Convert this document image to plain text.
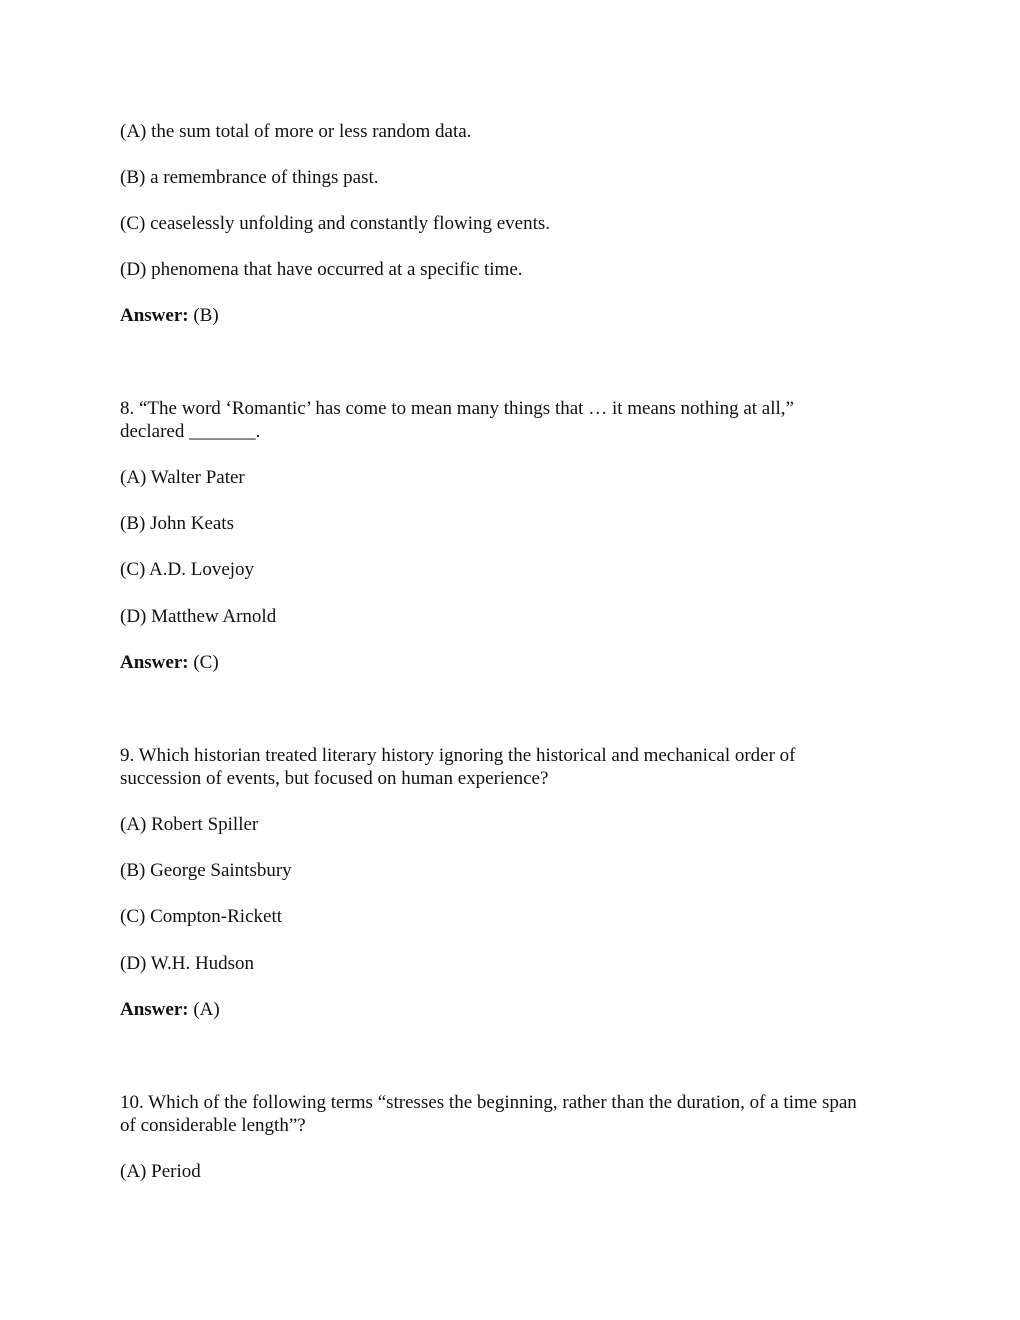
(A) the sum total of more or less random data.
(B) a remembrance of things past.
(C) ceaselessly unfolding and constantly flowing events.
(D) phenomena that have occurred at a specific time.
Answer: (B)
8. “The word ‘Romantic’ has come to mean many things that … it means nothing at all,”
declared _______.
(A) Walter Pater
(B) John Keats
(C) A.D. Lovejoy
(D) Matthew Arnold
Answer: (C)
9. Which historian treated literary history ignoring the historical and mechanical order of
succession of events, but focused on human experience?
(A) Robert Spiller
(B) George Saintsbury
(C) Compton-Rickett
(D) W.H. Hudson
Answer: (A)
10. Which of the following terms “stresses the beginning, rather than the duration, of a time span
of considerable length”?
(A) Period
